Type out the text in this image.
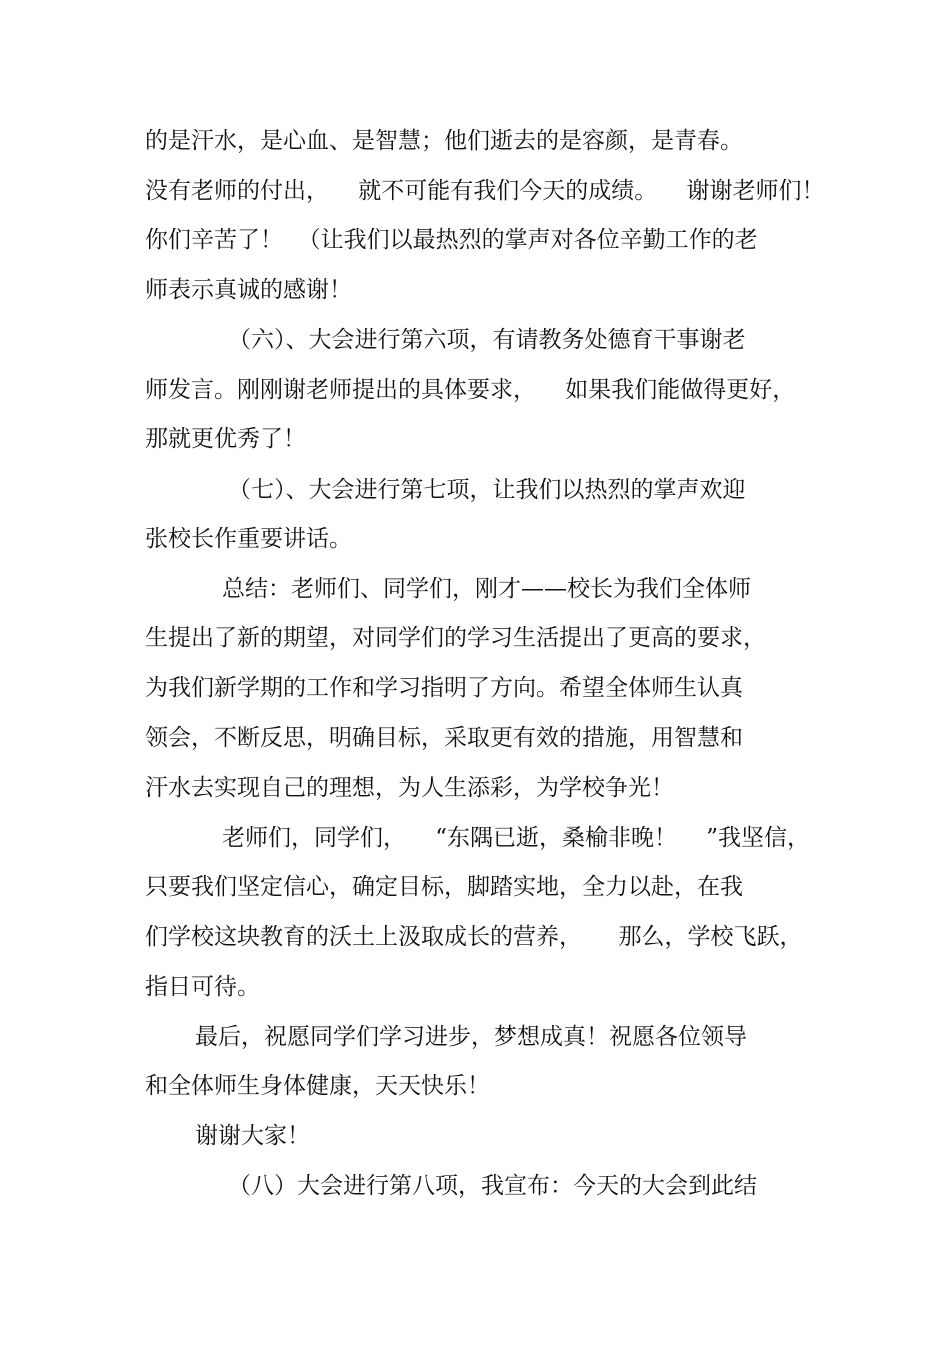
的是汗水，是心血、是智慧；他们逝去的是容颜，是青春。
没有老师的付出，    就不可能有我们今天的成绩。    谢谢老师们！
你们辛苦了！  （让我们以最热烈的掌声对各位辛勤工作的老
师表示真诚的感谢！
（六）、大会进行第六项，有请教务处德育干事谢老
师发言。刚刚谢老师提出的具体要求，    如果我们能做得更好，
那就更优秀了！
（七）、大会进行第七项，让我们以热烈的掌声欢迎
张校长作重要讲话。
总结：老师们、同学们，刚才——校长为我们全体师
生提出了新的期望，对同学们的学习生活提出了更高的要求，
为我们新学期的工作和学习指明了方向。希望全体师生认真
领会，不断反思，明确目标，采取更有效的措施，用智慧和
汗水去实现自己的理想，为人生添彩，为学校争光！
老师们，同学们，    “东隅已逝，桑榆非晚！    ”我坚信，
只要我们坚定信心，确定目标，脚踏实地，全力以赴，在我
们学校这块教育的沃土上汲取成长的营养，     那么，学校飞跃，
指日可待。
最后，祝愿同学们学习进步，梦想成真！祝愿各位领导
和全体师生身体健康，天天快乐！
谢谢大家！
（八）大会进行第八项，我宣布：今天的大会到此结
